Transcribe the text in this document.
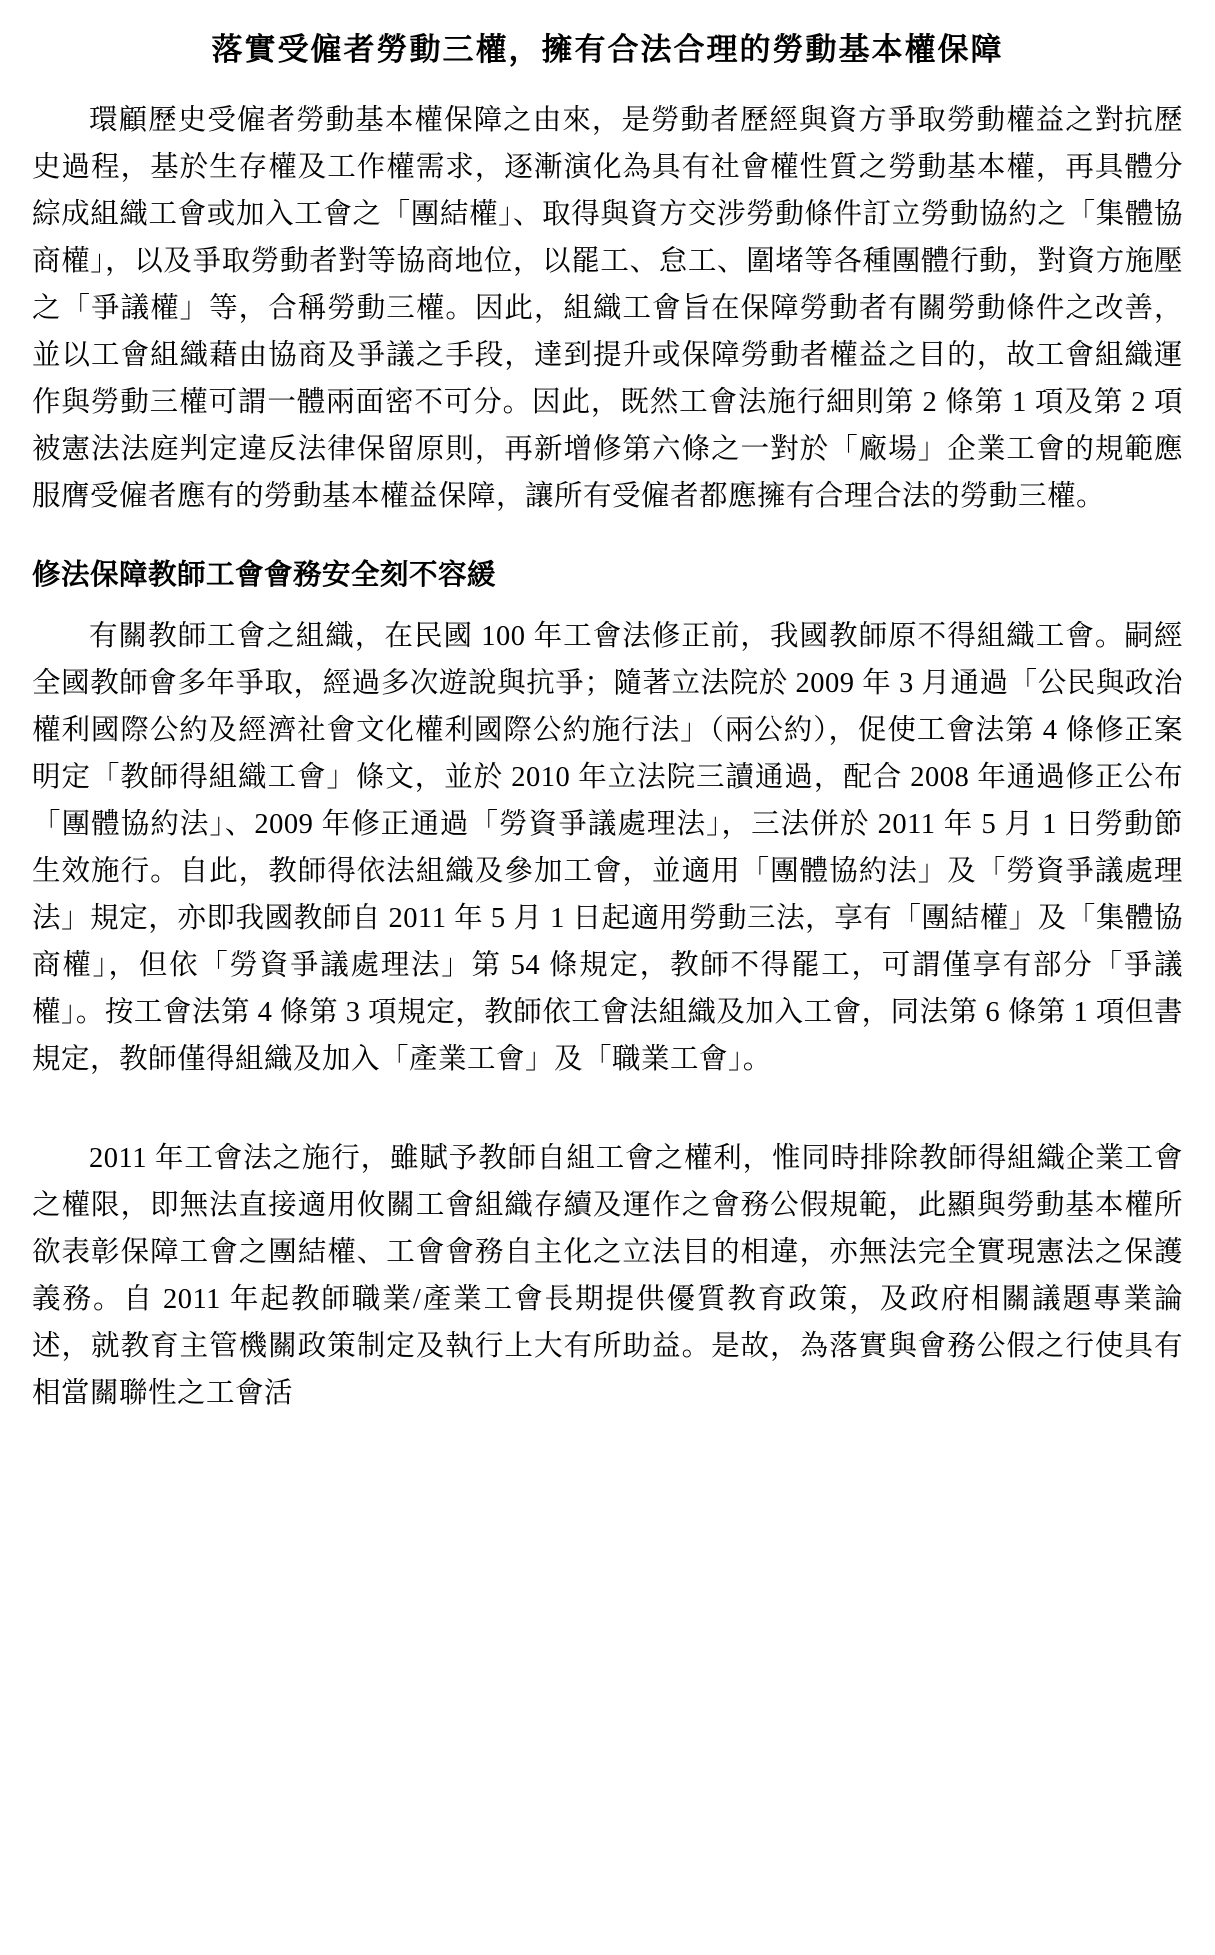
落實受僱者勞動三權，擁有合法合理的勞動基本權保障

環顧歷史受僱者勞動基本權保障之由來，是勞動者歷經與資方爭取勞動權益之對抗歷史過程，基於生存權及工作權需求，逐漸演化為具有社會權性質之勞動基本權，再具體分綜成組織工會或加入工會之「團結權」、取得與資方交涉勞動條件訂立勞動協約之「集體協商權」，以及爭取勞動者對等協商地位，以罷工、怠工、圍堵等各種團體行動，對資方施壓之「爭議權」等，合稱勞動三權。因此，組織工會旨在保障勞動者有關勞動條件之改善，並以工會組織藉由協商及爭議之手段，達到提升或保障勞動者權益之目的，故工會組織運作與勞動三權可謂一體兩面密不可分。因此，既然工會法施行細則第 2 條第 1 項及第 2 項被憲法法庭判定違反法律保留原則，再新增修第六條之一對於「廠場」企業工會的規範應服膺受僱者應有的勞動基本權益保障，讓所有受僱者都應擁有合理合法的勞動三權。

修法保障教師工會會務安全刻不容緩

有關教師工會之組織，在民國 100 年工會法修正前，我國教師原不得組織工會。嗣經全國教師會多年爭取，經過多次遊說與抗爭；隨著立法院於 2009 年 3 月通過「公民與政治權利國際公約及經濟社會文化權利國際公約施行法」（兩公約），促使工會法第 4 條修正案明定「教師得組織工會」條文，並於 2010 年立法院三讀通過，配合 2008 年通過修正公布「團體協約法」、2009 年修正通過「勞資爭議處理法」，三法併於 2011 年 5 月 1 日勞動節生效施行。自此，教師得依法組織及參加工會，並適用「團體協約法」及「勞資爭議處理法」規定，亦即我國教師自 2011 年 5 月 1 日起適用勞動三法，享有「團結權」及「集體協商權」，但依「勞資爭議處理法」第 54 條規定，教師不得罷工，可謂僅享有部分「爭議權」。按工會法第 4 條第 3 項規定，教師依工會法組織及加入工會，同法第 6 條第 1 項但書規定，教師僅得組織及加入「產業工會」及「職業工會」。

2011 年工會法之施行，雖賦予教師自組工會之權利，惟同時排除教師得組織企業工會之權限，即無法直接適用攸關工會組織存續及運作之會務公假規範，此顯與勞動基本權所欲表彰保障工會之團結權、工會會務自主化之立法目的相違，亦無法完全實現憲法之保護義務。自 2011 年起教師職業/產業工會長期提供優質教育政策，及政府相關議題專業論述，就教育主管機關政策制定及執行上大有所助益。是故，為落實與會務公假之行使具有相當關聯性之工會活
